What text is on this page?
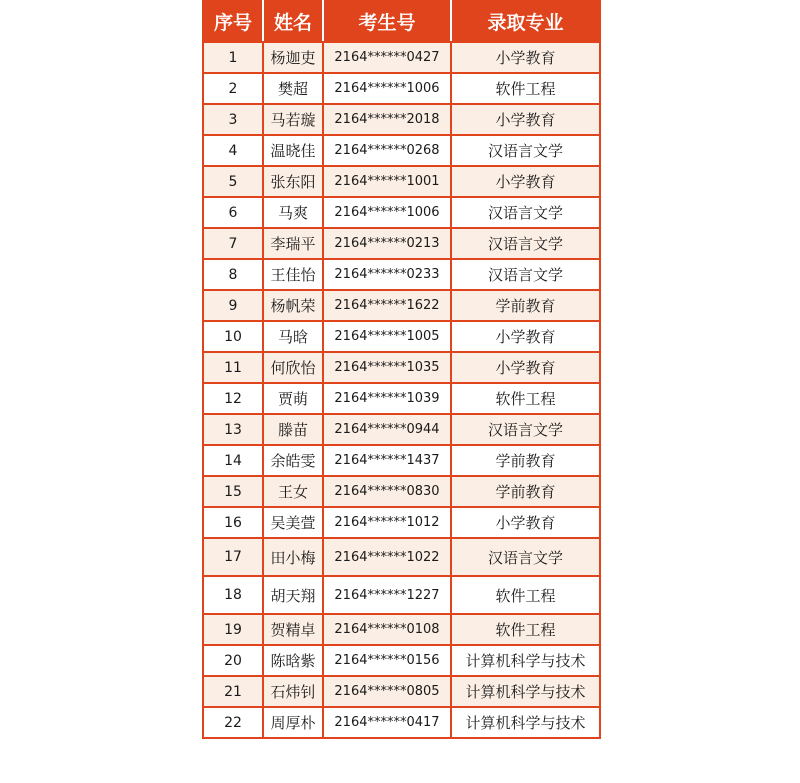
序号	姓名	考生号	录取专业
1	杨迦吏	2164******0427	小学教育
2	樊超	2164******1006	软件工程
3	马若璇	2164******2018	小学教育
4	温晓佳	2164******0268	汉语言文学
5	张东阳	2164******1001	小学教育
6	马爽	2164******1006	汉语言文学
7	李瑞平	2164******0213	汉语言文学
8	王佳怡	2164******0233	汉语言文学
9	杨帆荣	2164******1622	学前教育
10	马晗	2164******1005	小学教育
11	何欣怡	2164******1035	小学教育
12	贾萌	2164******1039	软件工程
13	滕苗	2164******0944	汉语言文学
14	余皓雯	2164******1437	学前教育
15	王女	2164******0830	学前教育
16	吴美萱	2164******1012	小学教育
17	田小梅	2164******1022	汉语言文学
18	胡天翔	2164******1227	软件工程
19	贺精卓	2164******0108	软件工程
20	陈晗紫	2164******0156	计算机科学与技术
21	石炜钊	2164******0805	计算机科学与技术
22	周厚朴	2164******0417	计算机科学与技术
